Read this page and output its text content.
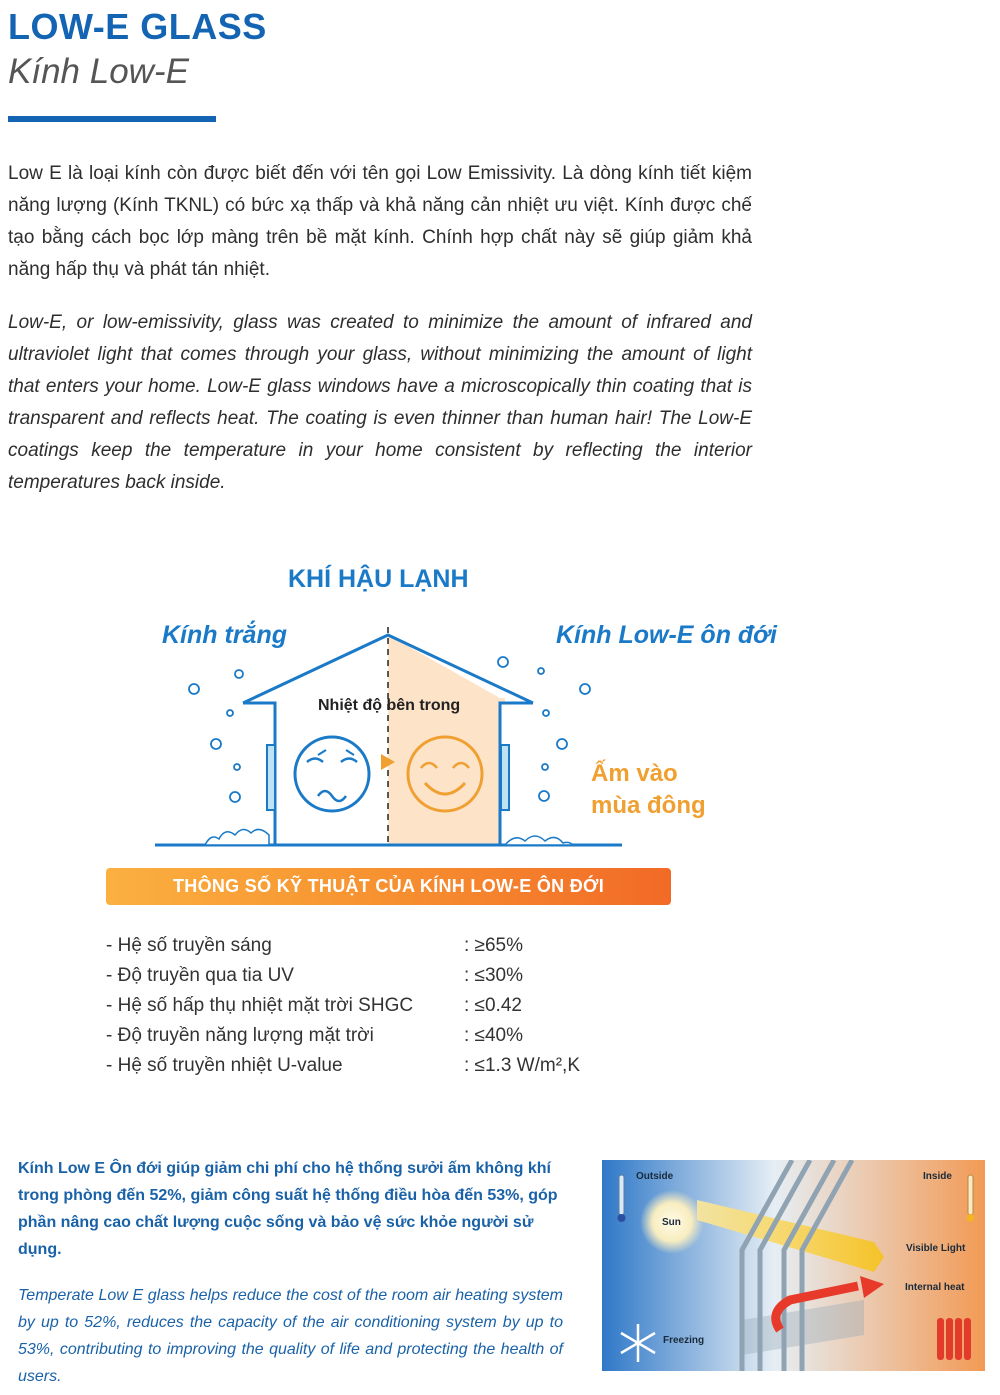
LOW-E GLASS
Kính Low-E

Low E là loại kính còn được biết đến với tên gọi Low Emissivity. Là dòng kính tiết kiệm năng lượng (Kính TKNL) có bức xạ thấp và khả năng cản nhiệt ưu việt. Kính được chế tạo bằng cách bọc lớp màng trên bề mặt kính. Chính hợp chất này sẽ giúp giảm khả năng hấp thụ và phát tán nhiệt.

Low-E, or low-emissivity, glass was created to minimize the amount of infrared and ultraviolet light that comes through your glass, without minimizing the amount of light that enters your home. Low-E glass windows have a microscopically thin coating that is transparent and reflects heat. The coating is even thinner than human hair! The Low-E coatings keep the temperature in your home consistent by reflecting the interior temperatures back inside.

KHÍ HẬU LẠNH
Kính trắng	Kính Low-E ôn đới
Nhiệt độ bên trong
Ấm vào
mùa đông
THÔNG SỐ KỸ THUẬT CỦA KÍNH LOW-E ÔN ĐỚI
- Hệ số truyền sáng	: ≥65%
- Độ truyền qua tia UV	: ≤30%
- Hệ số hấp thụ nhiệt mặt trời SHGC	: ≤0.42
- Độ truyền năng lượng mặt trời	: ≤40%
- Hệ số truyền nhiệt U-value	: ≤1.3 W/m²,K

Kính Low E Ôn đới giúp giảm chi phí cho hệ thống sưởi ấm không khí trong phòng đến 52%, giảm công suất hệ thống điều hòa đến 53%, góp phần nâng cao chất lượng cuộc sống và bảo vệ sức khỏe người sử dụng.

Temperate Low E glass helps reduce the cost of the room air heating system by up to 52%, reduces the capacity of the air conditioning system by up to 53%, contributing to improving the quality of life and protecting the health of users.

Outside	Inside
Sun
Visible Light
Internal heat
Freezing
